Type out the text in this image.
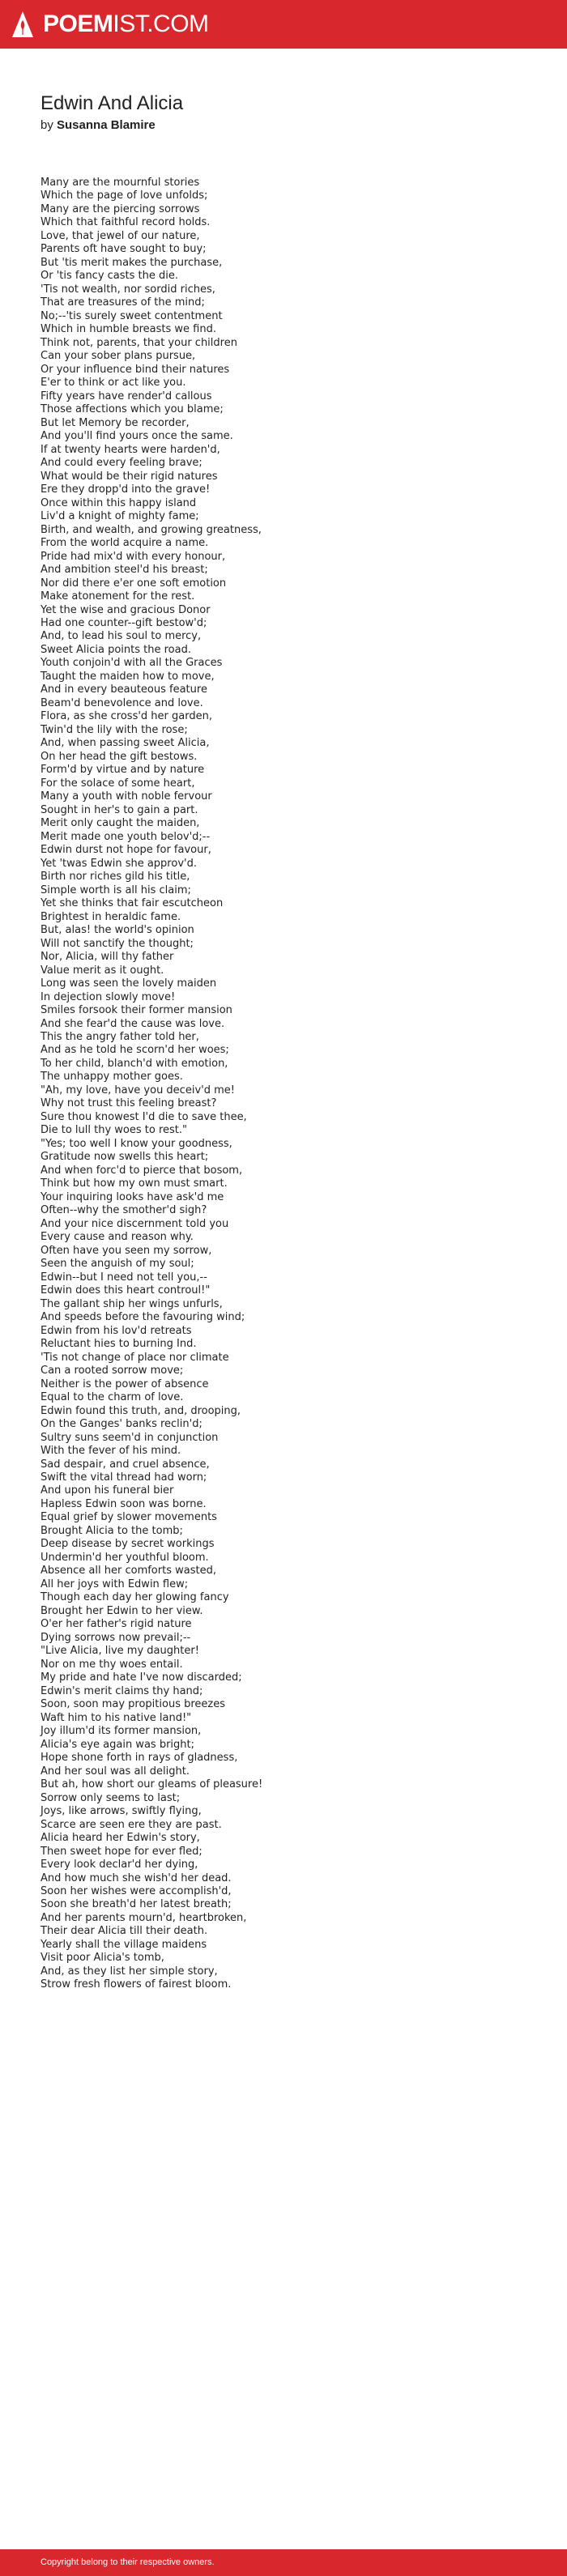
POEMIST.COM
Edwin And Alicia
by Susanna Blamire
Many are the mournful stories
Which the page of love unfolds;
Many are the piercing sorrows
Which that faithful record holds.
Love, that jewel of our nature,
Parents oft have sought to buy;
But 'tis merit makes the purchase,
Or 'tis fancy casts the die.
'Tis not wealth, nor sordid riches,
That are treasures of the mind;
No;--'tis surely sweet contentment
Which in humble breasts we find.
Think not, parents, that your children
Can your sober plans pursue,
Or your influence bind their natures
E'er to think or act like you.
Fifty years have render'd callous
Those affections which you blame;
But let Memory be recorder,
And you'll find yours once the same.
If at twenty hearts were harden'd,
And could every feeling brave;
What would be their rigid natures
Ere they dropp'd into the grave!
Once within this happy island
Liv'd a knight of mighty fame;
Birth, and wealth, and growing greatness,
From the world acquire a name.
Pride had mix'd with every honour,
And ambition steel'd his breast;
Nor did there e'er one soft emotion
Make atonement for the rest.
Yet the wise and gracious Donor
Had one counter--gift bestow'd;
And, to lead his soul to mercy,
Sweet Alicia points the road.
Youth conjoin'd with all the Graces
Taught the maiden how to move,
And in every beauteous feature
Beam'd benevolence and love.
Flora, as she cross'd her garden,
Twin'd the lily with the rose;
And, when passing sweet Alicia,
On her head the gift bestows.
Form'd by virtue and by nature
For the solace of some heart,
Many a youth with noble fervour
Sought in her's to gain a part.
Merit only caught the maiden,
Merit made one youth belov'd;--
Edwin durst not hope for favour,
Yet 'twas Edwin she approv'd.
Birth nor riches gild his title,
Simple worth is all his claim;
Yet she thinks that fair escutcheon
Brightest in heraldic fame.
But, alas! the world's opinion
Will not sanctify the thought;
Nor, Alicia, will thy father
Value merit as it ought.
Long was seen the lovely maiden
In dejection slowly move!
Smiles forsook their former mansion
And she fear'd the cause was love.
This the angry father told her,
And as he told he scorn'd her woes;
To her child, blanch'd with emotion,
The unhappy mother goes.
"Ah, my love, have you deceiv'd me!
Why not trust this feeling breast?
Sure thou knowest I'd die to save thee,
Die to lull thy woes to rest."
"Yes; too well I know your goodness,
Gratitude now swells this heart;
And when forc'd to pierce that bosom,
Think but how my own must smart.
Your inquiring looks have ask'd me
Often--why the smother'd sigh?
And your nice discernment told you
Every cause and reason why.
Often have you seen my sorrow,
Seen the anguish of my soul;
Edwin--but I need not tell you,--
Edwin does this heart controul!"
The gallant ship her wings unfurls,
And speeds before the favouring wind;
Edwin from his lov'd retreats
Reluctant hies to burning Ind.
'Tis not change of place nor climate
Can a rooted sorrow move;
Neither is the power of absence
Equal to the charm of love.
Edwin found this truth, and, drooping,
On the Ganges' banks reclin'd;
Sultry suns seem'd in conjunction
With the fever of his mind.
Sad despair, and cruel absence,
Swift the vital thread had worn;
And upon his funeral bier
Hapless Edwin soon was borne.
Equal grief by slower movements
Brought Alicia to the tomb;
Deep disease by secret workings
Undermin'd her youthful bloom.
Absence all her comforts wasted,
All her joys with Edwin flew;
Though each day her glowing fancy
Brought her Edwin to her view.
O'er her father's rigid nature
Dying sorrows now prevail;--
"Live Alicia, live my daughter!
Nor on me thy woes entail.
My pride and hate I've now discarded;
Edwin's merit claims thy hand;
Soon, soon may propitious breezes
Waft him to his native land!"
Joy illum'd its former mansion,
Alicia's eye again was bright;
Hope shone forth in rays of gladness,
And her soul was all delight.
But ah, how short our gleams of pleasure!
Sorrow only seems to last;
Joys, like arrows, swiftly flying,
Scarce are seen ere they are past.
Alicia heard her Edwin's story,
Then sweet hope for ever fled;
Every look declar'd her dying,
And how much she wish'd her dead.
Soon her wishes were accomplish'd,
Soon she breath'd her latest breath;
And her parents mourn'd, heartbroken,
Their dear Alicia till their death.
Yearly shall the village maidens
Visit poor Alicia's tomb,
And, as they list her simple story,
Strow fresh flowers of fairest bloom.
Copyright belong to their respective owners.
